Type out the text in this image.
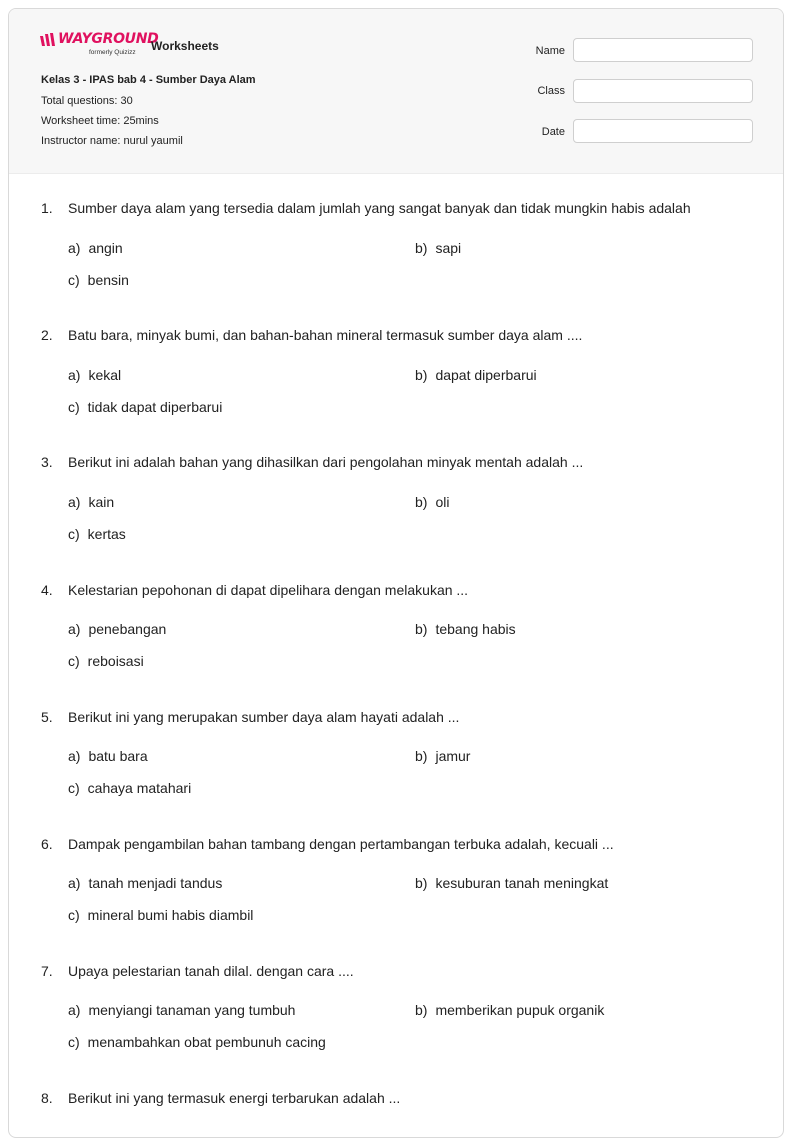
WAYGROUND
formerly Quizizz Worksheets
Kelas 3 - IPAS bab 4 - Sumber Daya Alam
Total questions: 30
Worksheet time: 25mins
Instructor name: nurul yaumil
Name
Class
Date
1. Sumber daya alam yang tersedia dalam jumlah yang sangat banyak dan tidak mungkin habis adalah
a) angin	b) sapi
c) bensin
2. Batu bara, minyak bumi, dan bahan-bahan mineral termasuk sumber daya alam ....
a) kekal	b) dapat diperbarui
c) tidak dapat diperbarui
3. Berikut ini adalah bahan yang dihasilkan dari pengolahan minyak mentah adalah ...
a) kain	b) oli
c) kertas
4. Kelestarian pepohonan di dapat dipelihara dengan melakukan ...
a) penebangan	b) tebang habis
c) reboisasi
5. Berikut ini yang merupakan sumber daya alam hayati adalah ...
a) batu bara	b) jamur
c) cahaya matahari
6. Dampak pengambilan bahan tambang dengan pertambangan terbuka adalah, kecuali ...
a) tanah menjadi tandus	b) kesuburan tanah meningkat
c) mineral bumi habis diambil
7. Upaya pelestarian tanah dilal. dengan cara ....
a) menyiangi tanaman yang tumbuh	b) memberikan pupuk organik
c) menambahkan obat pembunuh cacing
8. Berikut ini yang termasuk energi terbarukan adalah ...
